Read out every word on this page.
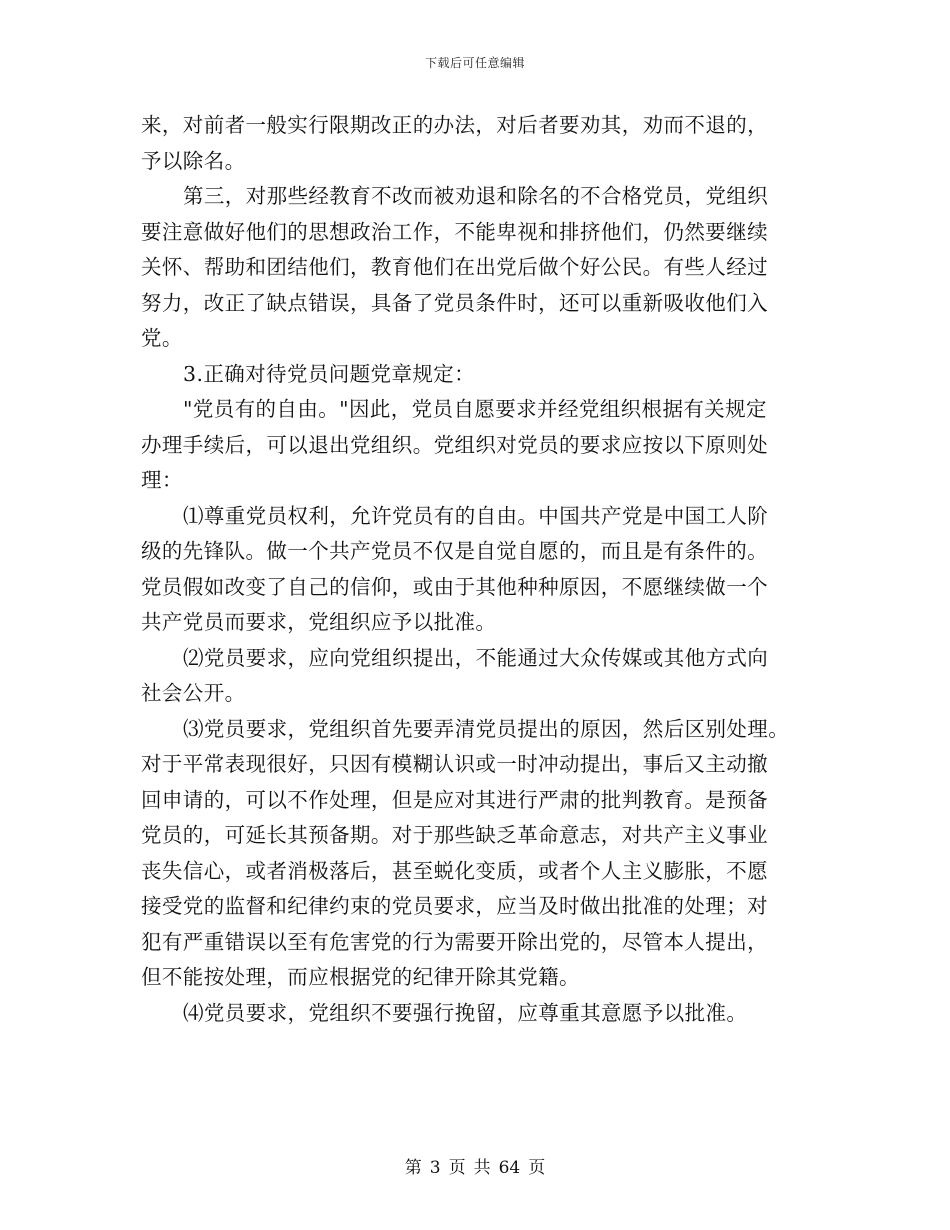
下载后可任意编辑
来，对前者一般实行限期改正的办法，对后者要劝其，劝而不退的，
予以除名。
第三，对那些经教育不改而被劝退和除名的不合格党员，党组织
要注意做好他们的思想政治工作，不能卑视和排挤他们，仍然要继续
关怀、帮助和团结他们，教育他们在出党后做个好公民。有些人经过
努力，改正了缺点错误，具备了党员条件时，还可以重新吸收他们入
党。
3.正确对待党员问题党章规定：
"党员有的自由。"因此，党员自愿要求并经党组织根据有关规定
办理手续后，可以退出党组织。党组织对党员的要求应按以下原则处
理：
⑴尊重党员权利，允许党员有的自由。中国共产党是中国工人阶
级的先锋队。做一个共产党员不仅是自觉自愿的，而且是有条件的。
党员假如改变了自己的信仰，或由于其他种种原因，不愿继续做一个
共产党员而要求，党组织应予以批准。
⑵党员要求，应向党组织提出，不能通过大众传媒或其他方式向
社会公开。
⑶党员要求，党组织首先要弄清党员提出的原因，然后区别处理。
对于平常表现很好，只因有模糊认识或一时冲动提出，事后又主动撤
回申请的，可以不作处理，但是应对其进行严肃的批判教育。是预备
党员的，可延长其预备期。对于那些缺乏革命意志，对共产主义事业
丧失信心，或者消极落后，甚至蜕化变质，或者个人主义膨胀，不愿
接受党的监督和纪律约束的党员要求，应当及时做出批准的处理；对
犯有严重错误以至有危害党的行为需要开除出党的，尽管本人提出，
但不能按处理，而应根据党的纪律开除其党籍。
⑷党员要求，党组织不要强行挽留，应尊重其意愿予以批准。
第 3 页 共 64 页
